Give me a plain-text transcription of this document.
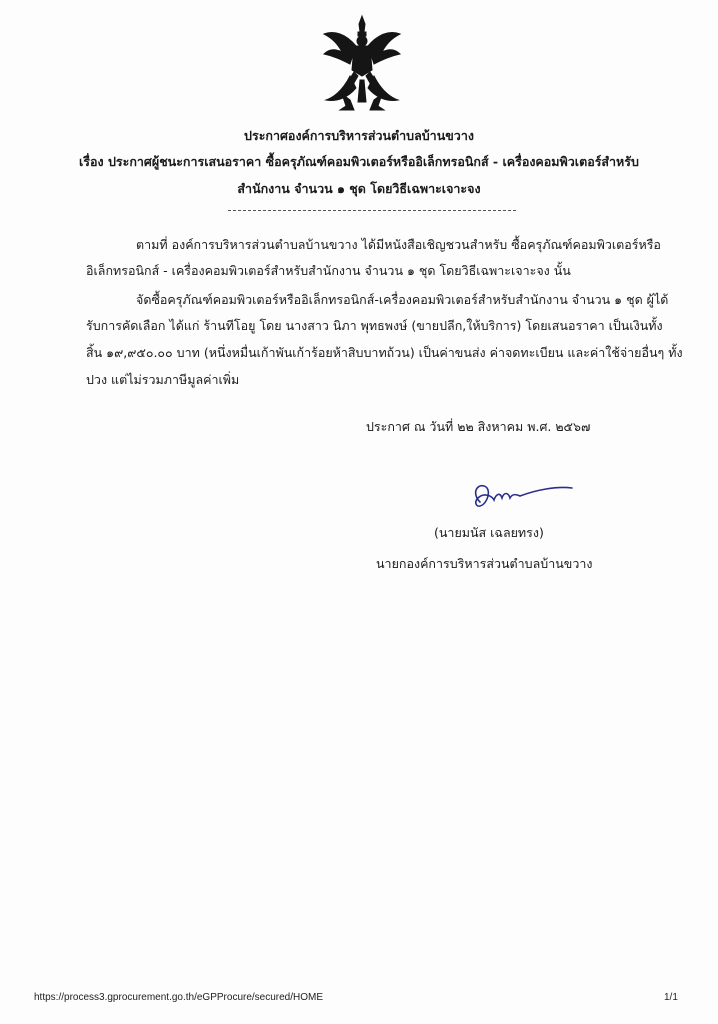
ประกาศองค์การบริหารส่วนตำบลบ้านขวาง
เรื่อง ประกาศผู้ชนะการเสนอราคา ซื้อครุภัณฑ์คอมพิวเตอร์หรืออิเล็กทรอนิกส์ - เครื่องคอมพิวเตอร์สำหรับ
สำนักงาน จำนวน ๑ ชุด โดยวิธีเฉพาะเจาะจง
ตามที่ องค์การบริหารส่วนตำบลบ้านขวาง ได้มีหนังสือเชิญชวนสำหรับ ซื้อครุภัณฑ์คอมพิวเตอร์หรือ
อิเล็กทรอนิกส์ - เครื่องคอมพิวเตอร์สำหรับสำนักงาน จำนวน ๑ ชุด โดยวิธีเฉพาะเจาะจง นั้น
จัดซื้อครุภัณฑ์คอมพิวเตอร์หรืออิเล็กทรอนิกส์-เครื่องคอมพิวเตอร์สำหรับสำนักงาน จำนวน ๑ ชุด ผู้ได้
รับการคัดเลือก ได้แก่ ร้านทีโอยู โดย นางสาว นิภา พุทธพงษ์ (ขายปลีก,ให้บริการ) โดยเสนอราคา เป็นเงินทั้ง
สิ้น ๑๙,๙๕๐.๐๐ บาท (หนึ่งหมื่นเก้าพันเก้าร้อยห้าสิบบาทถ้วน) เป็นค่าขนส่ง ค่าจดทะเบียน และค่าใช้จ่ายอื่นๆ ทั้ง
ปวง แต่ไม่รวมภาษีมูลค่าเพิ่ม
ประกาศ ณ วันที่ ๒๒ สิงหาคม พ.ศ. ๒๕๖๗
(นายมนัส เฉลยทรง)
นายกองค์การบริหารส่วนตำบลบ้านขวาง
https://process3.gprocurement.go.th/eGPProcure/secured/HOME	1/1
